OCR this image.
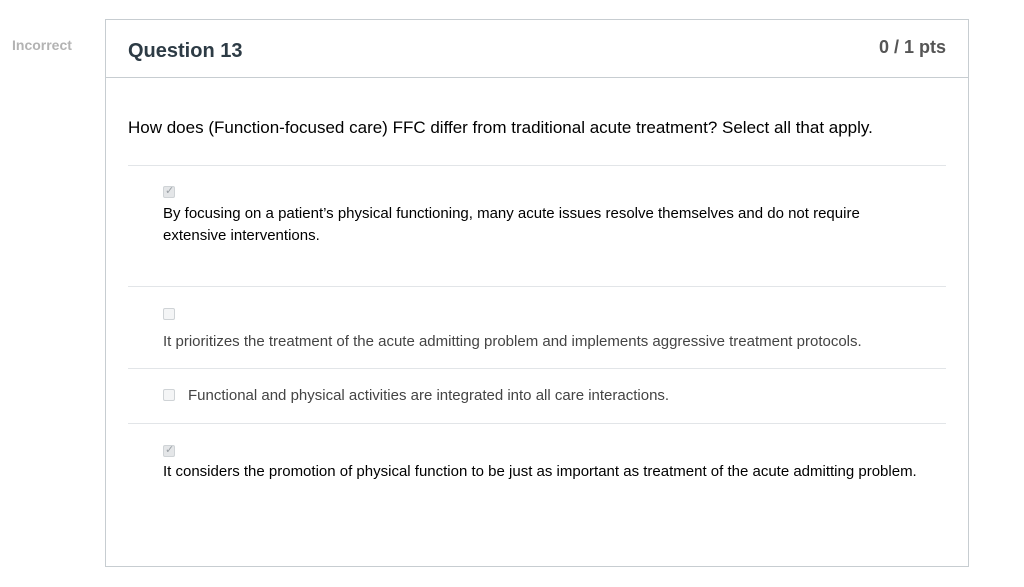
Incorrect	Question 13	0 / 1 pts
How does (Function-focused care) FFC differ from traditional acute treatment? Select all that apply.
✓
By focusing on a patient’s physical functioning, many acute issues resolve themselves and do not require extensive interventions.
It prioritizes the treatment of the acute admitting problem and implements aggressive treatment protocols.
Functional and physical activities are integrated into all care interactions.
✓
It considers the promotion of physical function to be just as important as treatment of the acute admitting problem.
